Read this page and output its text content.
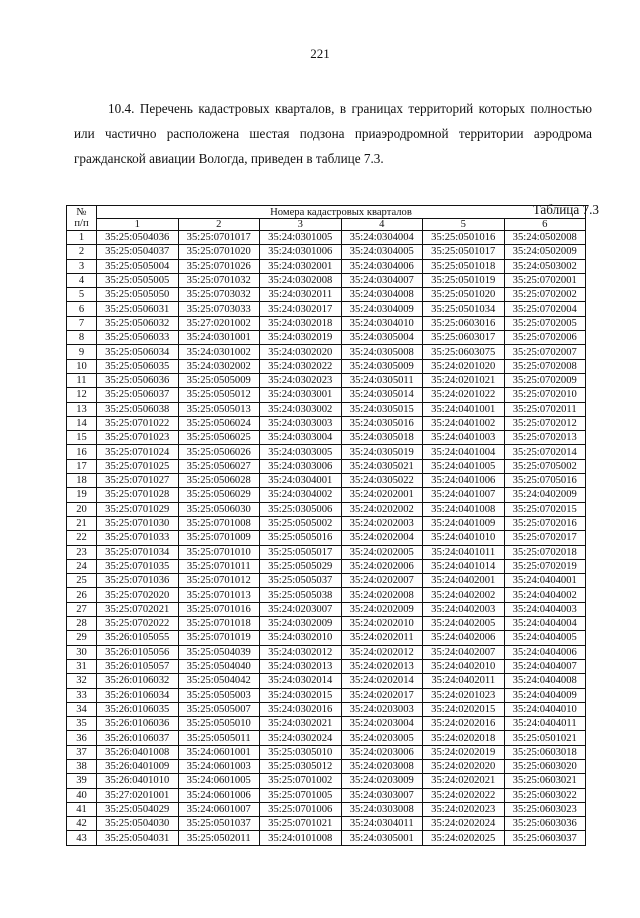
221

10.4. Перечень кадастровых кварталов, в границах территорий которых полностью или частично расположена шестая подзона приаэродромной территории аэродрома гражданской авиации Вологда, приведен в таблице 7.3.

Таблица 7.3
№
п/п	Номера кадастровых кварталов					
	1	2	3	4	5	6
1	35:25:0504036	35:25:0701017	35:24:0301005	35:24:0304004	35:25:0501016	35:24:0502008
2	35:25:0504037	35:25:0701020	35:24:0301006	35:24:0304005	35:25:0501017	35:24:0502009
3	35:25:0505004	35:25:0701026	35:24:0302001	35:24:0304006	35:25:0501018	35:24:0503002
4	35:25:0505005	35:25:0701032	35:24:0302008	35:24:0304007	35:25:0501019	35:25:0702001
5	35:25:0505050	35:25:0703032	35:24:0302011	35:24:0304008	35:25:0501020	35:25:0702002
6	35:25:0506031	35:25:0703033	35:24:0302017	35:24:0304009	35:25:0501034	35:25:0702004
7	35:25:0506032	35:27:0201002	35:24:0302018	35:24:0304010	35:25:0603016	35:25:0702005
8	35:25:0506033	35:24:0301001	35:24:0302019	35:24:0305004	35:25:0603017	35:25:0702006
9	35:25:0506034	35:24:0301002	35:24:0302020	35:24:0305008	35:25:0603075	35:25:0702007
10	35:25:0506035	35:24:0302002	35:24:0302022	35:24:0305009	35:24:0201020	35:25:0702008
11	35:25:0506036	35:25:0505009	35:24:0302023	35:24:0305011	35:24:0201021	35:25:0702009
12	35:25:0506037	35:25:0505012	35:24:0303001	35:24:0305014	35:24:0201022	35:25:0702010
13	35:25:0506038	35:25:0505013	35:24:0303002	35:24:0305015	35:24:0401001	35:25:0702011
14	35:25:0701022	35:25:0506024	35:24:0303003	35:24:0305016	35:24:0401002	35:25:0702012
15	35:25:0701023	35:25:0506025	35:24:0303004	35:24:0305018	35:24:0401003	35:25:0702013
16	35:25:0701024	35:25:0506026	35:24:0303005	35:24:0305019	35:24:0401004	35:25:0702014
17	35:25:0701025	35:25:0506027	35:24:0303006	35:24:0305021	35:24:0401005	35:25:0705002
18	35:25:0701027	35:25:0506028	35:24:0304001	35:24:0305022	35:24:0401006	35:25:0705016
19	35:25:0701028	35:25:0506029	35:24:0304002	35:24:0202001	35:24:0401007	35:24:0402009
20	35:25:0701029	35:25:0506030	35:25:0305006	35:24:0202002	35:24:0401008	35:25:0702015
21	35:25:0701030	35:25:0701008	35:25:0505002	35:24:0202003	35:24:0401009	35:25:0702016
22	35:25:0701033	35:25:0701009	35:25:0505016	35:24:0202004	35:24:0401010	35:25:0702017
23	35:25:0701034	35:25:0701010	35:25:0505017	35:24:0202005	35:24:0401011	35:25:0702018
24	35:25:0701035	35:25:0701011	35:25:0505029	35:24:0202006	35:24:0401014	35:25:0702019
25	35:25:0701036	35:25:0701012	35:25:0505037	35:24:0202007	35:24:0402001	35:24:0404001
26	35:25:0702020	35:25:0701013	35:25:0505038	35:24:0202008	35:24:0402002	35:24:0404002
27	35:25:0702021	35:25:0701016	35:24:0203007	35:24:0202009	35:24:0402003	35:24:0404003
28	35:25:0702022	35:25:0701018	35:24:0302009	35:24:0202010	35:24:0402005	35:24:0404004
29	35:26:0105055	35:25:0701019	35:24:0302010	35:24:0202011	35:24:0402006	35:24:0404005
30	35:26:0105056	35:25:0504039	35:24:0302012	35:24:0202012	35:24:0402007	35:24:0404006
31	35:26:0105057	35:25:0504040	35:24:0302013	35:24:0202013	35:24:0402010	35:24:0404007
32	35:26:0106032	35:25:0504042	35:24:0302014	35:24:0202014	35:24:0402011	35:24:0404008
33	35:26:0106034	35:25:0505003	35:24:0302015	35:24:0202017	35:24:0201023	35:24:0404009
34	35:26:0106035	35:25:0505007	35:24:0302016	35:24:0203003	35:24:0202015	35:24:0404010
35	35:26:0106036	35:25:0505010	35:24:0302021	35:24:0203004	35:24:0202016	35:24:0404011
36	35:26:0106037	35:25:0505011	35:24:0302024	35:24:0203005	35:24:0202018	35:25:0501021
37	35:26:0401008	35:24:0601001	35:25:0305010	35:24:0203006	35:24:0202019	35:25:0603018
38	35:26:0401009	35:24:0601003	35:25:0305012	35:24:0203008	35:24:0202020	35:25:0603020
39	35:26:0401010	35:24:0601005	35:25:0701002	35:24:0203009	35:24:0202021	35:25:0603021
40	35:27:0201001	35:24:0601006	35:25:0701005	35:24:0303007	35:24:0202022	35:25:0603022
41	35:25:0504029	35:24:0601007	35:25:0701006	35:24:0303008	35:24:0202023	35:25:0603023
42	35:25:0504030	35:25:0501037	35:25:0701021	35:24:0304011	35:24:0202024	35:25:0603036
43	35:25:0504031	35:25:0502011	35:24:0101008	35:24:0305001	35:24:0202025	35:25:0603037
